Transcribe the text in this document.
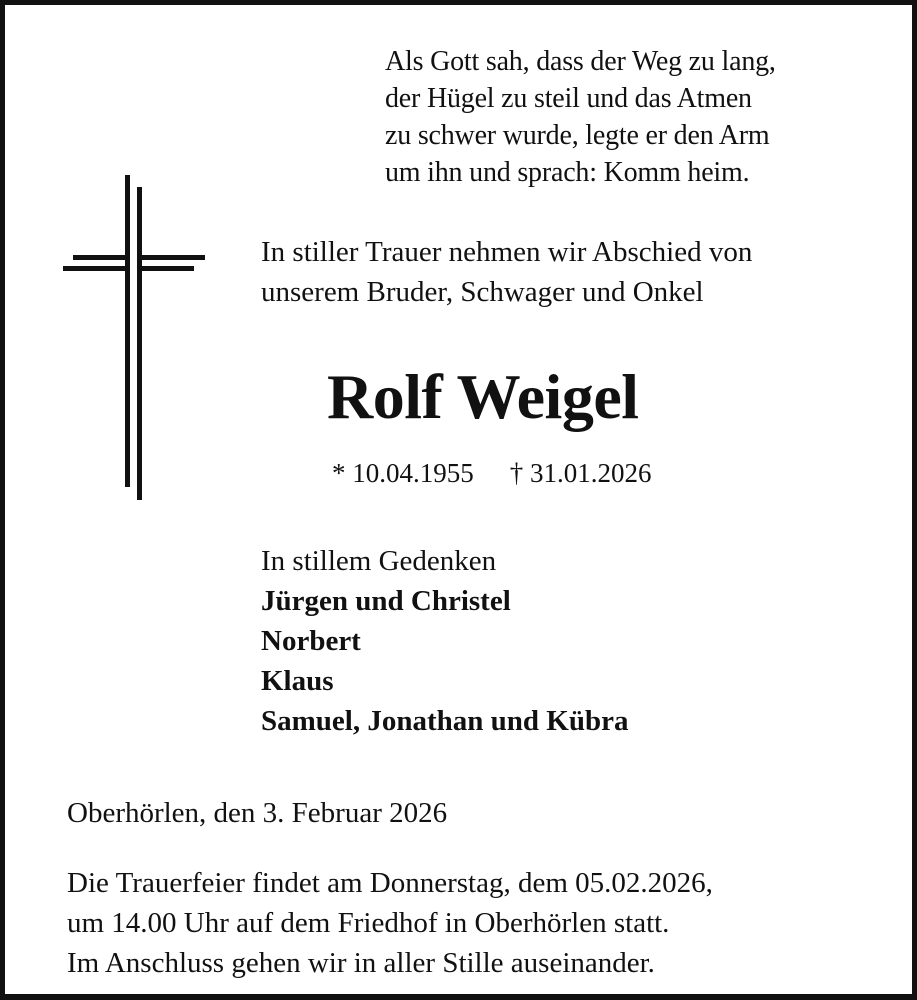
Als Gott sah, dass der Weg zu lang,
der Hügel zu steil und das Atmen
zu schwer wurde, legte er den Arm
um ihn und sprach: Komm heim.
In stiller Trauer nehmen wir Abschied von
unserem Bruder, Schwager und Onkel
Rolf Weigel
* 10.04.1955 † 31.01.2026
In stillem Gedenken
Jürgen und Christel
Norbert
Klaus
Samuel, Jonathan und Kübra
Oberhörlen, den 3. Februar 2026
Die Trauerfeier findet am Donnerstag, dem 05.02.2026,
um 14.00 Uhr auf dem Friedhof in Oberhörlen statt.
Im Anschluss gehen wir in aller Stille auseinander.
